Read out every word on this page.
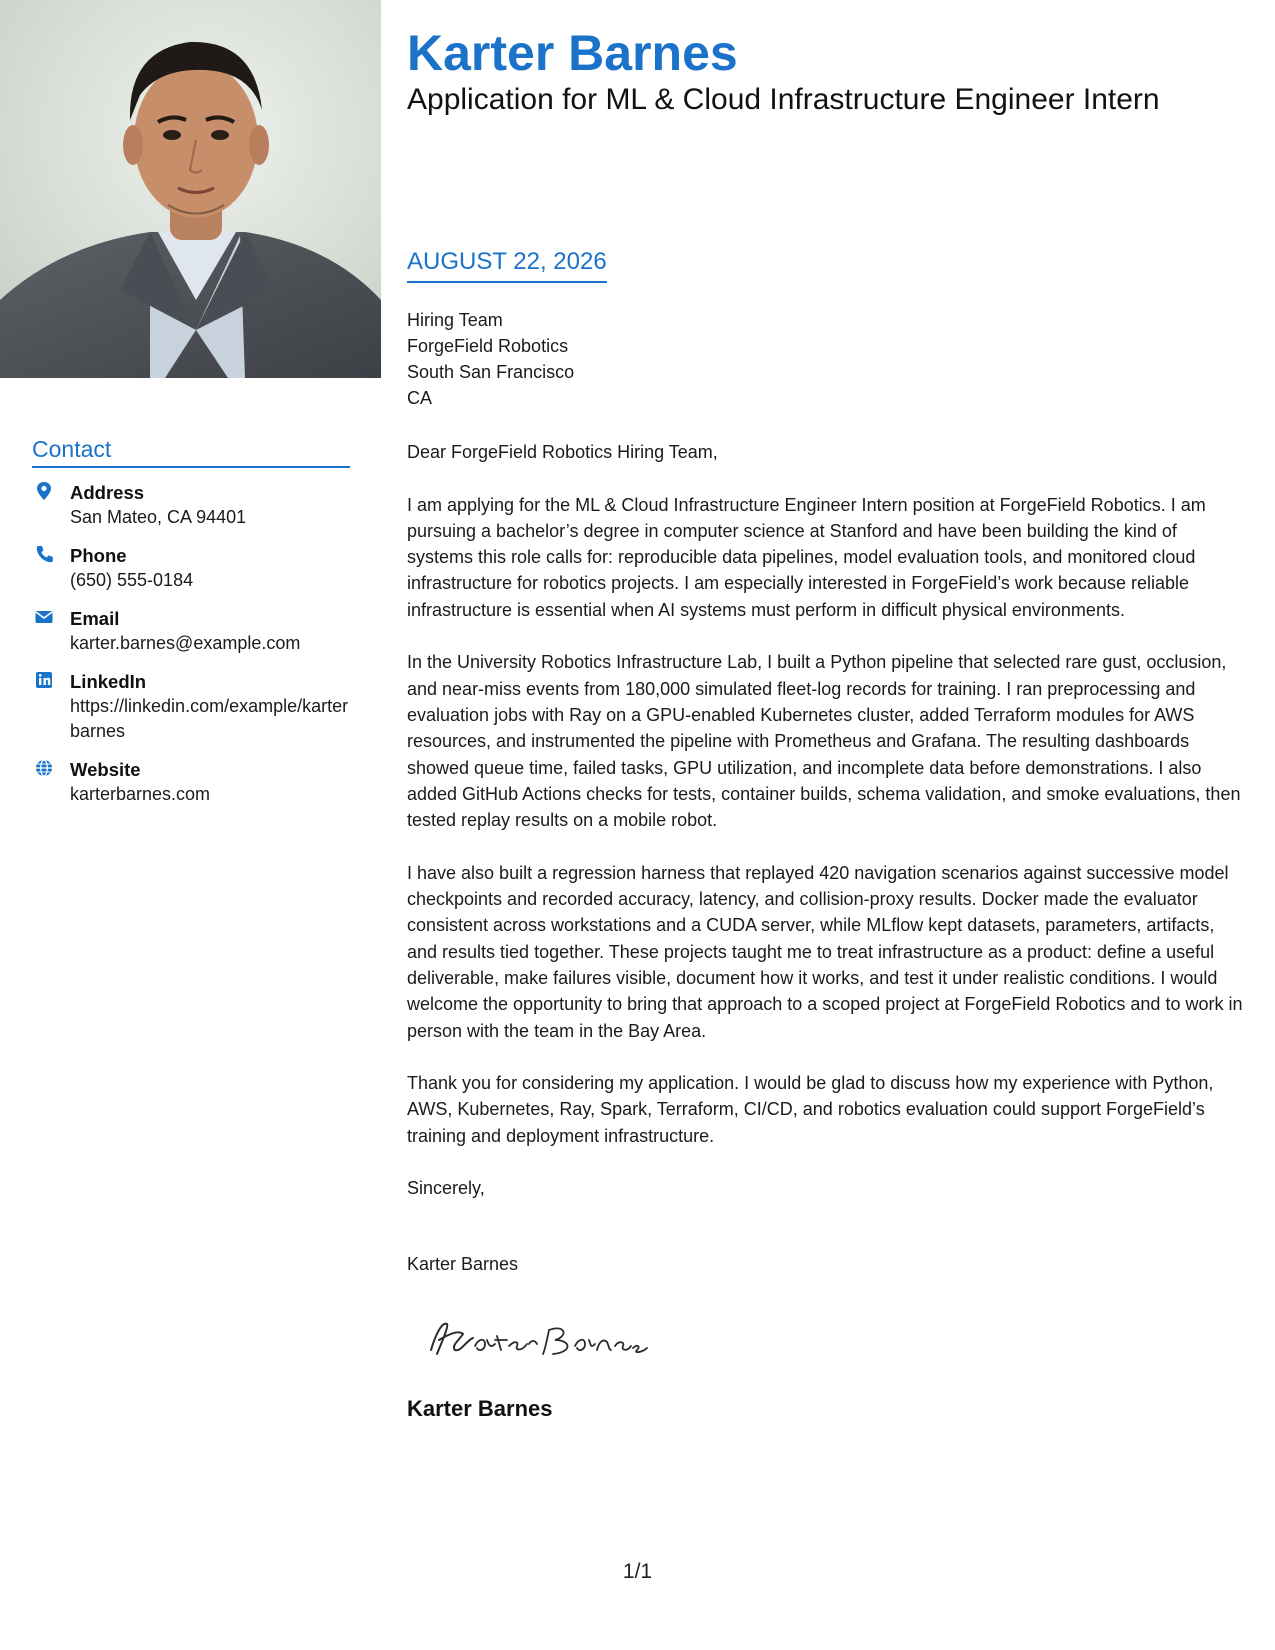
Contact
Address
San Mateo, CA 94401
Phone
(650) 555-0184
Email
karter.barnes@example.com
LinkedIn
https://linkedin.com/example/karterbarnes
Website
karterbarnes.com
Karter Barnes
Application for ML & Cloud Infrastructure Engineer Intern
AUGUST 22, 2026
Hiring Team
ForgeField Robotics
South San Francisco
CA

Dear ForgeField Robotics Hiring Team,

I am applying for the ML & Cloud Infrastructure Engineer Intern position at ForgeField Robotics. I am pursuing a bachelor’s degree in computer science at Stanford and have been building the kind of systems this role calls for: reproducible data pipelines, model evaluation tools, and monitored cloud infrastructure for robotics projects. I am especially interested in ForgeField’s work because reliable infrastructure is essential when AI systems must perform in difficult physical environments.

In the University Robotics Infrastructure Lab, I built a Python pipeline that selected rare gust, occlusion, and near-miss events from 180,000 simulated fleet-log records for training. I ran preprocessing and evaluation jobs with Ray on a GPU-enabled Kubernetes cluster, added Terraform modules for AWS resources, and instrumented the pipeline with Prometheus and Grafana. The resulting dashboards showed queue time, failed tasks, GPU utilization, and incomplete data before demonstrations. I also added GitHub Actions checks for tests, container builds, schema validation, and smoke evaluations, then tested replay results on a mobile robot.

I have also built a regression harness that replayed 420 navigation scenarios against successive model checkpoints and recorded accuracy, latency, and collision-proxy results. Docker made the evaluator consistent across workstations and a CUDA server, while MLflow kept datasets, parameters, artifacts, and results tied together. These projects taught me to treat infrastructure as a product: define a useful deliverable, make failures visible, document how it works, and test it under realistic conditions. I would welcome the opportunity to bring that approach to a scoped project at ForgeField Robotics and to work in person with the team in the Bay Area.

Thank you for considering my application. I would be glad to discuss how my experience with Python, AWS, Kubernetes, Ray, Spark, Terraform, CI/CD, and robotics evaluation could support ForgeField’s training and deployment infrastructure.

Sincerely,

Karter Barnes
Karter Barnes
1/1
